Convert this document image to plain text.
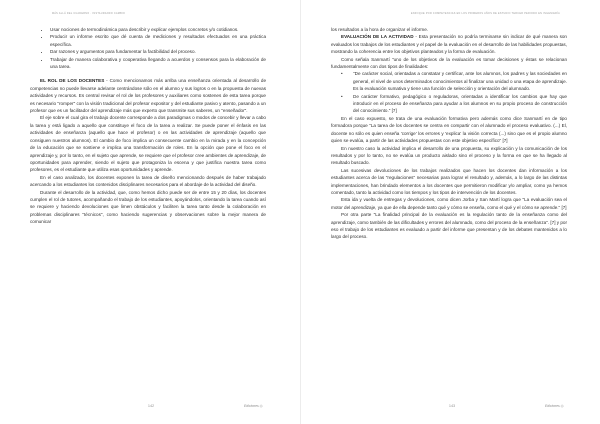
MÁS ALLÁ DEL CUADERNO · INSTAURANDO CAMBIO
• Usar nociones de termodinámica para describir y explicar ejemplos concretos y/o cotidianos.
• Producir un informe escrito que dé cuenta de mediciones y resultados efectuados en una práctica específica.
• Dar razones y argumentos para fundamentar la factibilidad del proceso.
• Trabajar de manera colaborativa y cooperativa llegando a acuerdos y consensos para la elaboración de una tarea.

EL ROL DE LOS DOCENTES - Como mencionamos más arriba una enseñanza orientada al desarrollo de competencias no puede llevarse adelante centrándose sólo en el alumno y sus logros o en la propuesta de nuevas actividades y recursos. Es central revisar el rol de los profesores y auxiliares como sostenes de esta tarea porque es necesario "romper" con la visión tradicional del profesor expositor y del estudiante pasivo y atento, pasando a un profesor que es un facilitador del aprendizaje más que experto que transmite sus saberes, un "enseñador".

El eje sobre el cual gira el trabajo docente corresponde a dos paradigmas o modos de concebir y llevar a cabo la tarea y está ligado a aquello que constituye el foco de la tarea a realizar. Se puede poner el énfasis en las actividades de enseñanza (aquello que hace el profesor) o en las actividades de aprendizaje (aquello que consiguen nuestros alumnos). El cambio de foco implica un consecuente cambio en la mirada y en la concepción de la educación que se sostiene e implica una transformación de roles. En la opción que pone el foco en el aprendizaje y, por lo tanto, en el sujeto que aprende, se requiere que el profesor cree ambientes de aprendizaje, de oportunidades para aprender, siendo el sujeto que protagoniza la escena y que justifica nuestra tarea como profesores, es el estudiante que utiliza esas oportunidades y aprende.

En el caso analizado, los docentes exponen la tarea de diseño mencionando después de haber trabajado acercando a los estudiantes los contenidos disciplinares necesarios para el abordaje de la actividad del diseño.

Durante el desarrollo de la actividad, que, como hemos dicho puede ser de entre 15 y 20 días, los docentes cumplen el rol de tutores, acompañando el trabajo de los estudiantes, apoyándolos, orientando la tarea cuando así se requiere y haciendo devoluciones que limen obstáculos y faciliten la tarea tanto desde la colaboración en problemas disciplinares "técnicos", como haciendo sugerencias y observaciones sobre la mejor manera de comunicar

142	Ediciones ◎
ENFOQUE POR COMPETENCIAS EN LOS PRIMEROS AÑOS DE ESTUDIO TERCER PERIODO EN INGENIERÍA

los resultados a la hora de organizar el informe.

EVALUACIÓN DE LA ACTIVIDAD - Esta presentación no podría terminarse sin indicar de qué manera son evaluados los trabajos de los estudiantes y el papel de la evaluación en el desarrollo de las habilidades propuestas, mostrando la coherencia entre los objetivos planteados y la forma de evaluación.

Como señala Sanmartí "uno de los objetivos de la evaluación es tomar decisiones y éstas se relacionan fundamentalmente con dos tipos de finalidades:

• "De carácter social, orientadas a constatar y certificar, ante los alumnos, los padres y las sociedades en general, el nivel de unos determinados conocimientos al finalizar una unidad o una etapa de aprendizaje. Es la evaluación sumativa y tiene una función de selección y orientación del alumnado.
• De carácter formativo, pedagógico o reguladoras, orientadas a identificar los cambios que hay que introducir en el proceso de enseñanza para ayudar a los alumnos en su propio proceso de construcción del conocimiento." [7]

En el caso expuesto, se trata de una evaluación formativa pero además como dice Sanmartí en de tipo formadora porque "La tarea de los docentes se centra en compartir con el alumnado el proceso evaluativo. (...) El, docente no sólo es quien enseña 'corrige' los errores y 'explica' la visión correcta (...) sino que es el propio alumno quien se evalúa, a partir de las actividades propuestas con este objetivo específico" [7]

En nuestro caso la actividad implica el desarrollo de una propuesta, su explicación y la comunicación de los resultados y por lo tanto, no se evalúa un producto aislado sino el proceso y la forma en que se ha llegado al resultado buscado.

Las sucesivas devoluciones de los trabajos realizados que hacen los docentes dan información a los estudiantes acerca de las "regulaciones" necesarias para lograr el resultado y, además, a lo largo de las distintas implementaciones, han brindado elementos a los docentes que permitieron modificar y/o ampliar, como ya hemos comentado, tanto la actividad como los tiempos y los tipos de intervención de los docentes.

Esta ida y vuelta de entregas y devoluciones, como dicen Jorba y San Martí logra que "La evaluación sea el motor del aprendizaje, ya que de ella depende tanto qué y cómo se enseña, como el qué y el cómo se aprende." [7]

Por otra parte "La finalidad principal de la evaluación es la regulación tanto de la enseñanza como del aprendizaje, como también de las dificultades y errores del alumnado, como del proceso de la enseñanza". [7] y por eso el trabajo de los estudiantes es evaluado a partir del informe que presentan y de los debates mantenidos a lo largo del proceso.

143	Ediciones ◎
